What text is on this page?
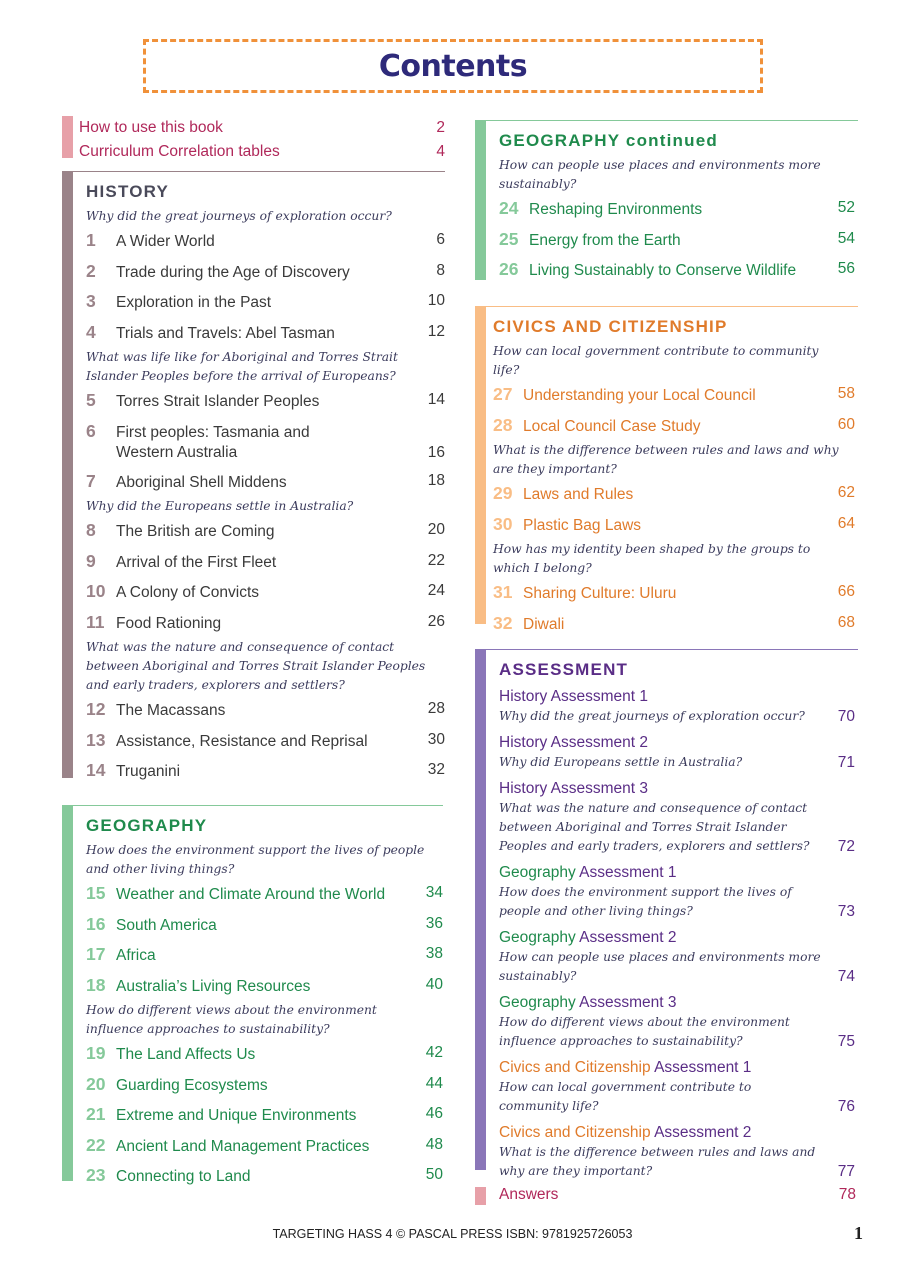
Contents
How to use this book	2
Curriculum Correlation tables	4
HISTORY
Why did the great journeys of exploration occur?
1 A Wider World	6
2 Trade during the Age of Discovery	8
3 Exploration in the Past	10
4 Trials and Travels: Abel Tasman	12
What was life like for Aboriginal and Torres Strait Islander Peoples before the arrival of Europeans?
5 Torres Strait Islander Peoples	14
6 First peoples: Tasmania and
Western Australia	16
7 Aboriginal Shell Middens	18
Why did the Europeans settle in Australia?
8 The British are Coming	20
9 Arrival of the First Fleet	22
10 A Colony of Convicts	24
11 Food Rationing	26
What was the nature and consequence of contact between Aboriginal and Torres Strait Islander Peoples and early traders, explorers and settlers?
12 The Macassans	28
13 Assistance, Resistance and Reprisal	30
14 Truganini	32
GEOGRAPHY
How does the environment support the lives of people and other living things?
15 Weather and Climate Around the World	34
16 South America	36
17 Africa	38
18 Australia’s Living Resources	40
How do different views about the environment influence approaches to sustainability?
19 The Land Affects Us	42
20 Guarding Ecosystems	44
21 Extreme and Unique Environments	46
22 Ancient Land Management Practices	48
23 Connecting to Land	50
GEOGRAPHY continued
How can people use places and environments more sustainably?
24 Reshaping Environments	52
25 Energy from the Earth	54
26 Living Sustainably to Conserve Wildlife	56
CIVICS AND CITIZENSHIP
How can local government contribute to community life?
27 Understanding your Local Council	58
28 Local Council Case Study	60
What is the difference between rules and laws and why are they important?
29 Laws and Rules	62
30 Plastic Bag Laws	64
How has my identity been shaped by the groups to which I belong?
31 Sharing Culture: Uluru	66
32 Diwali	68
ASSESSMENT
History Assessment 1
Why did the great journeys of exploration occur?	70
History Assessment 2
Why did Europeans settle in Australia?	71
History Assessment 3
What was the nature and consequence of contact between Aboriginal and Torres Strait Islander Peoples and early traders, explorers and settlers?	72
Geography Assessment 1
How does the environment support the lives of people and other living things?	73
Geography Assessment 2
How can people use places and environments more sustainably?	74
Geography Assessment 3
How do different views about the environment influence approaches to sustainability?	75
Civics and Citizenship Assessment 1
How can local government contribute to community life?	76
Civics and Citizenship Assessment 2
What is the difference between rules and laws and why are they important?	77
Answers	78
TARGETING HASS 4 © PASCAL PRESS ISBN: 9781925726053	1
